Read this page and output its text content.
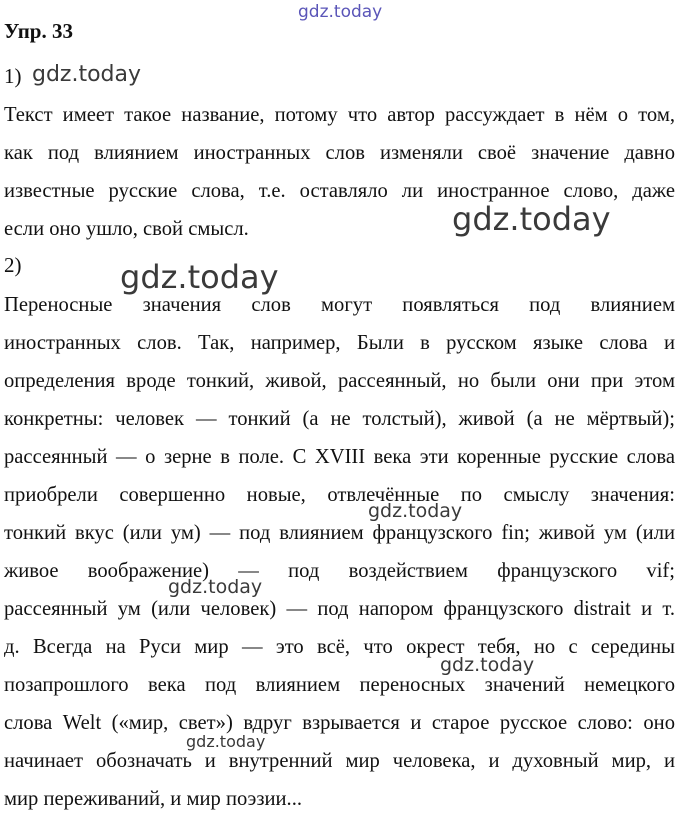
gdz.today
Упр. 33
1) gdz.today
Текст имеет такое название, потому что автор рассуждает в нём о том,
как под влиянием иностранных слов изменяли своё значение давно
известные русские слова, т.е. оставляло ли иностранное слово, даже
если оно ушло, свой смысл.	gdz.today
2)	gdz.today
Переносные значения слов могут появляться под влиянием
иностранных слов. Так, например, Были в русском языке слова и
определения вроде тонкий, живой, рассеянный, но были они при этом
конкретны: человек — тонкий (а не толстый), живой (а не мёртвый);
рассеянный — о зерне в поле. С XVIII века эти коренные русские слова
приобрели совершенно новые, отвлечённые по смыслу значения:
тонкий вкус (или ум) — под влиянием французского fin; живой ум (или
живое воображение) — под воздействием французского vif;
рассеянный ум (или человек) — под напором французского distrait и т.
д. Всегда на Руси мир — это всё, что окрест тебя, но с середины
позапрошлого века под влиянием переносных значений немецкого
слова Welt («мир, свет») вдруг взрывается и старое русское слово: оно
начинает обозначать и внутренний мир человека, и духовный мир, и
мир переживаний, и мир поэзии...
gdz.today
gdz.today
gdz.today
gdz.today
